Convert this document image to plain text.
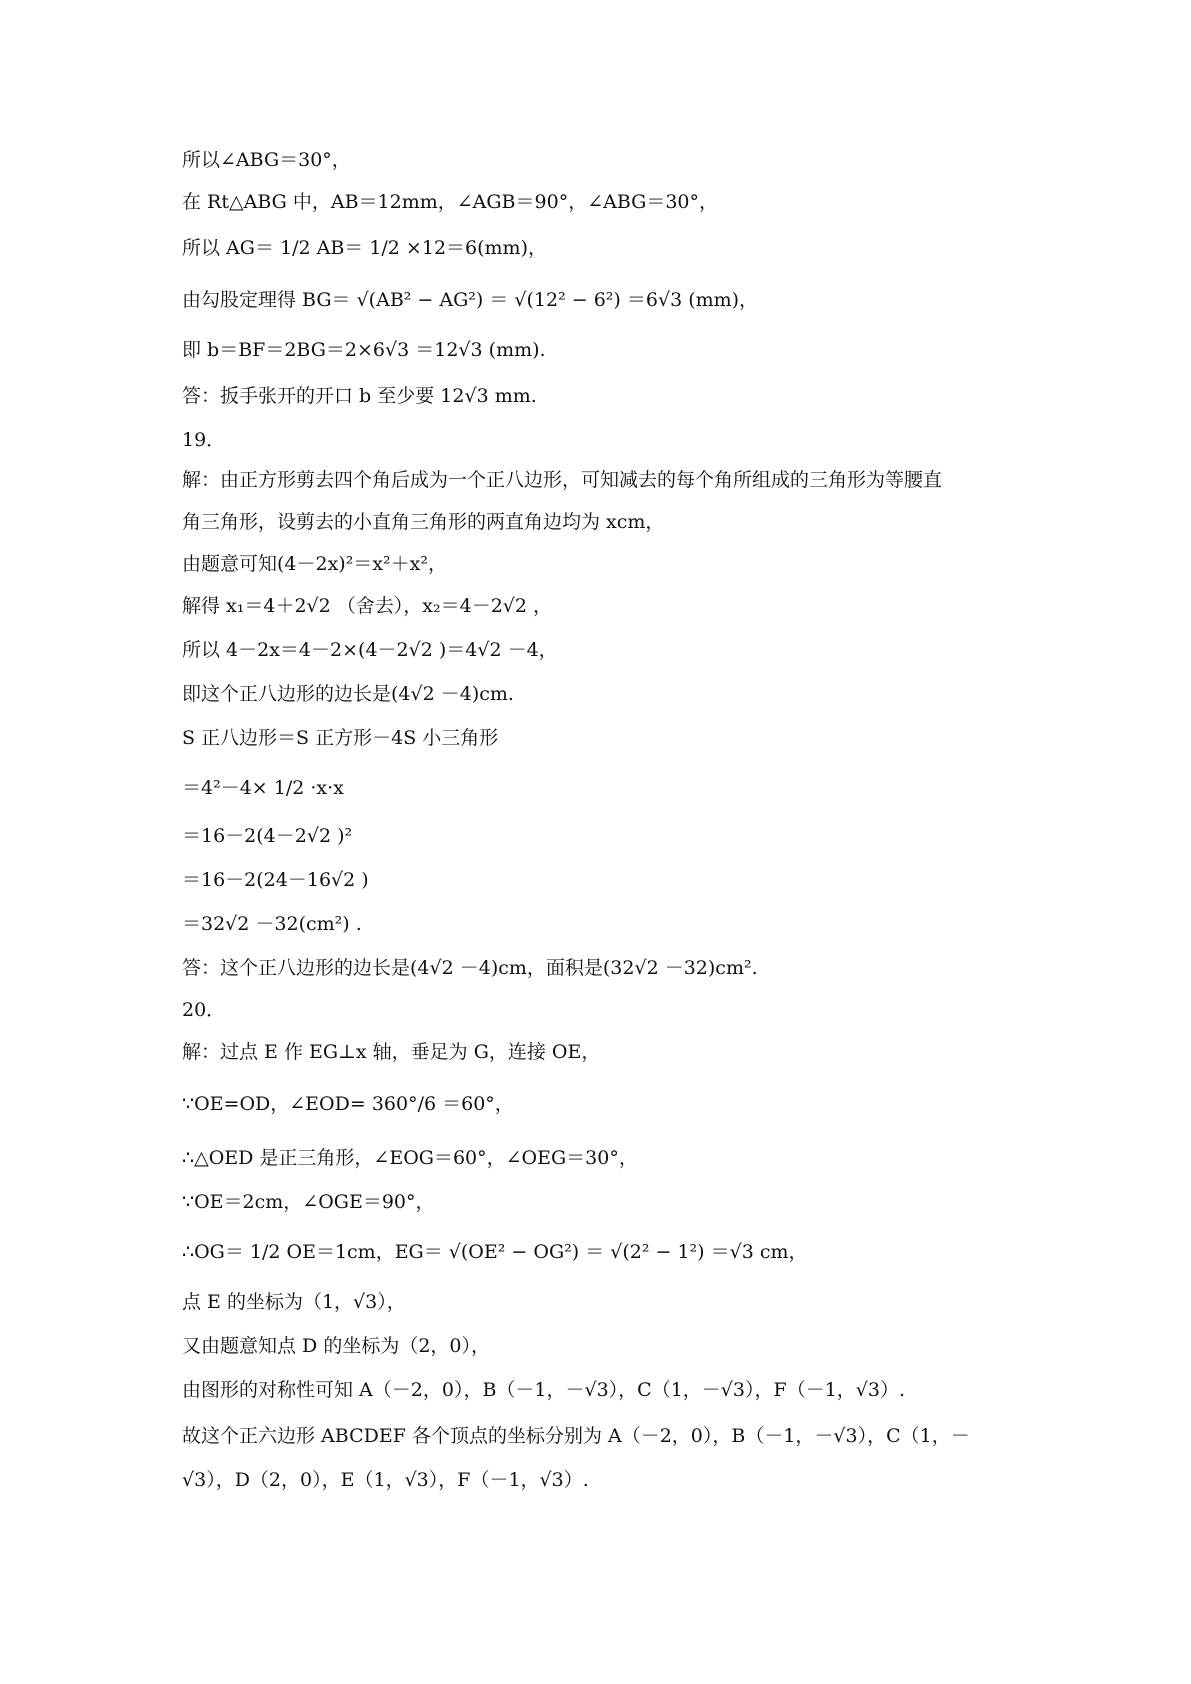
所以∠ABG＝30°，
在 Rt△ABG 中，AB＝12mm，∠AGB＝90°，∠ABG＝30°，
所以 AG＝ 1/2 AB＝ 1/2 ×12＝6(mm)，
由勾股定理得 BG＝ √(AB² − AG²) ＝ √(12² − 6²) ＝6√3 (mm)，
即 b＝BF＝2BG＝2×6√3 ＝12√3 (mm).
答：扳手张开的开口 b 至少要 12√3 mm.
19．
解：由正方形剪去四个角后成为一个正八边形，可知减去的每个角所组成的三角形为等腰直
角三角形，设剪去的小直角三角形的两直角边均为 xcm，
由题意可知(4－2x)²＝x²＋x²，
解得 x₁＝4＋2√2 （舍去），x₂＝4－2√2 ，
所以 4－2x＝4－2×(4－2√2 )＝4√2 －4，
即这个正八边形的边长是(4√2 －4)cm.
S 正八边形＝S 正方形－4S 小三角形
＝4²－4× 1/2 ·x·x
＝16－2(4－2√2 )²
＝16－2(24－16√2 )
＝32√2 －32(cm²) .
答：这个正八边形的边长是(4√2 －4)cm，面积是(32√2 －32)cm².
20．
解：过点 E 作 EG⊥x 轴，垂足为 G，连接 OE，
∵OE=OD，∠EOD= 360°/6 ＝60°，
∴△OED 是正三角形，∠EOG＝60°，∠OEG＝30°，
∵OE＝2cm，∠OGE＝90°，
∴OG＝ 1/2 OE＝1cm，EG＝ √(OE² − OG²) ＝ √(2² − 1²) ＝√3 cm，
点 E 的坐标为（1，√3），
又由题意知点 D 的坐标为（2，0），
由图形的对称性可知 A（－2，0），B（－1，－√3），C（1，－√3），F（－1，√3）.
故这个正六边形 ABCDEF 各个顶点的坐标分别为 A（－2，0），B（－1，－√3），C（1，－
√3），D（2，0），E（1，√3），F（－1，√3）.
